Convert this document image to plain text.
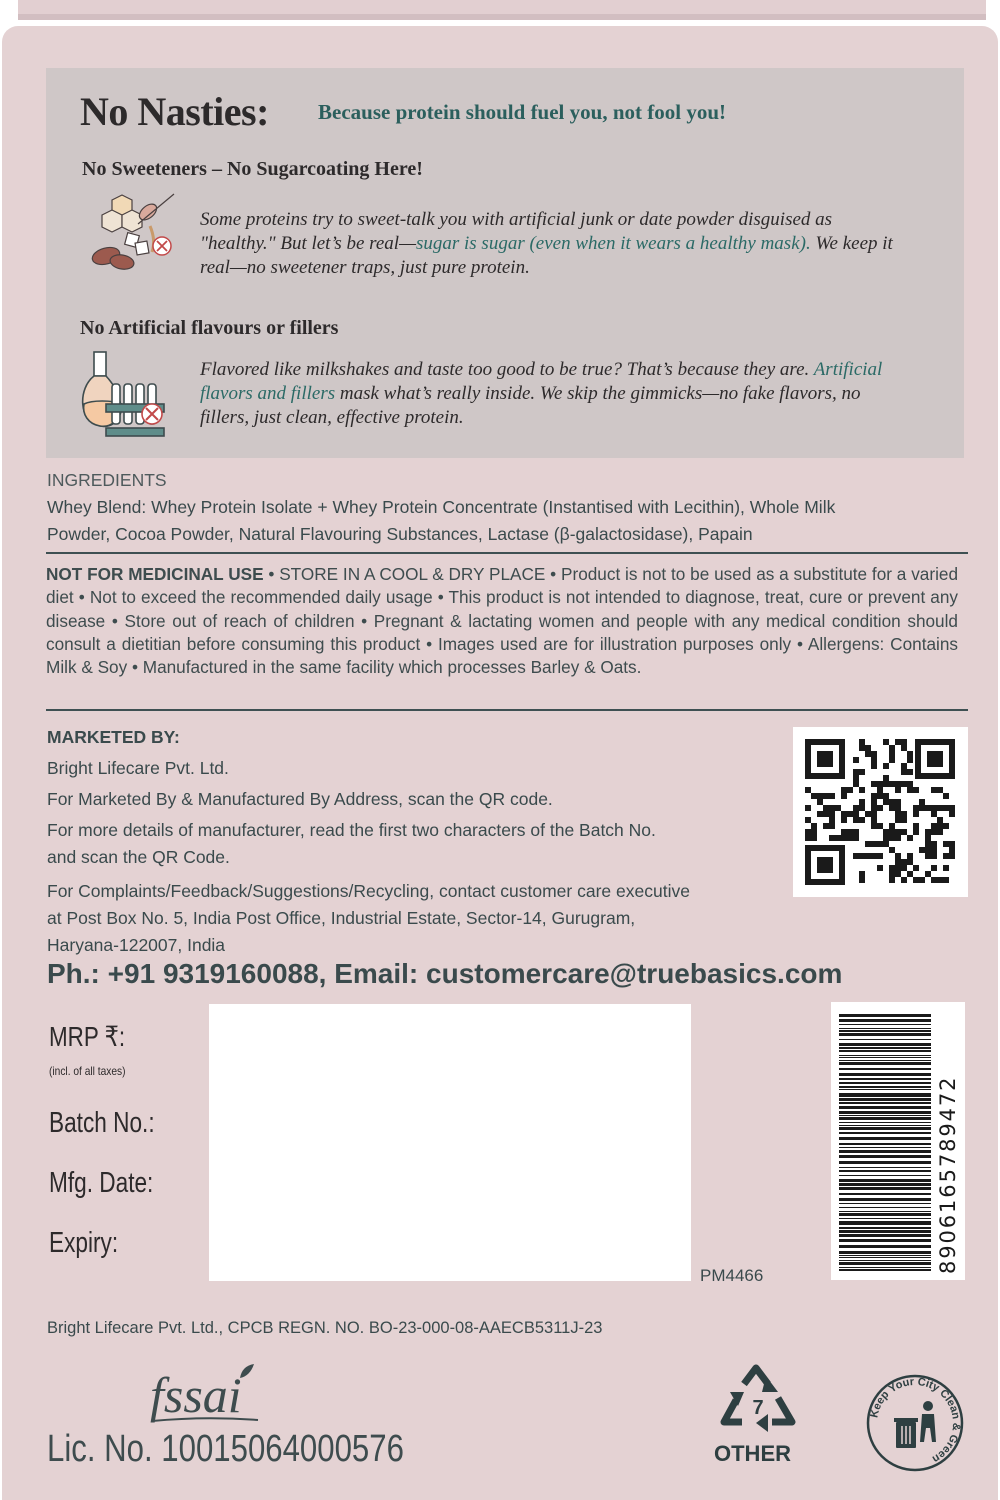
No Nasties: Because protein should fuel you, not fool you!
No Sweeteners – No Sugarcoating Here!
Some proteins try to sweet-talk you with artificial junk or date powder disguised as
"healthy." But let’s be real—sugar is sugar (even when it wears a healthy mask). We keep it
real—no sweetener traps, just pure protein.
No Artificial flavours or fillers
Flavored like milkshakes and taste too good to be true? That’s because they are. Artificial
flavors and fillers mask what’s really inside. We skip the gimmicks—no fake flavors, no
fillers, just clean, effective protein.
INGREDIENTS
Whey Blend: Whey Protein Isolate + Whey Protein Concentrate (Instantised with Lecithin), Whole Milk
Powder, Cocoa Powder, Natural Flavouring Substances, Lactase (β-galactosidase), Papain
NOT FOR MEDICINAL USE • STORE IN A COOL & DRY PLACE • Product is not to be used as a substitute for a varied diet • Not to exceed the recommended daily usage • This product is not intended to diagnose, treat, cure or prevent any disease • Store out of reach of children • Pregnant & lactating women and people with any medical condition should consult a dietitian before consuming this product • Images used are for illustration purposes only • Allergens: Contains Milk & Soy • Manufactured in the same facility which processes Barley & Oats.
MARKETED BY:
Bright Lifecare Pvt. Ltd.
For Marketed By & Manufactured By Address, scan the QR code.
For more details of manufacturer, read the first two characters of the Batch No.
and scan the QR Code.
For Complaints/Feedback/Suggestions/Recycling, contact customer care executive
at Post Box No. 5, India Post Office, Industrial Estate, Sector-14, Gurugram,
Haryana-122007, India
Ph.: +91 9319160088, Email: customercare@truebasics.com
MRP ₹:
(incl. of all taxes)
Batch No.:
Mfg. Date:
Expiry:
PM4466
8906165789472
Bright Lifecare Pvt. Ltd., CPCB REGN. NO. BO-23-000-08-AAECB5311J-23
fssai
Lic. No. 10015064000576
7
OTHER
Keep Your City Clean & Green
